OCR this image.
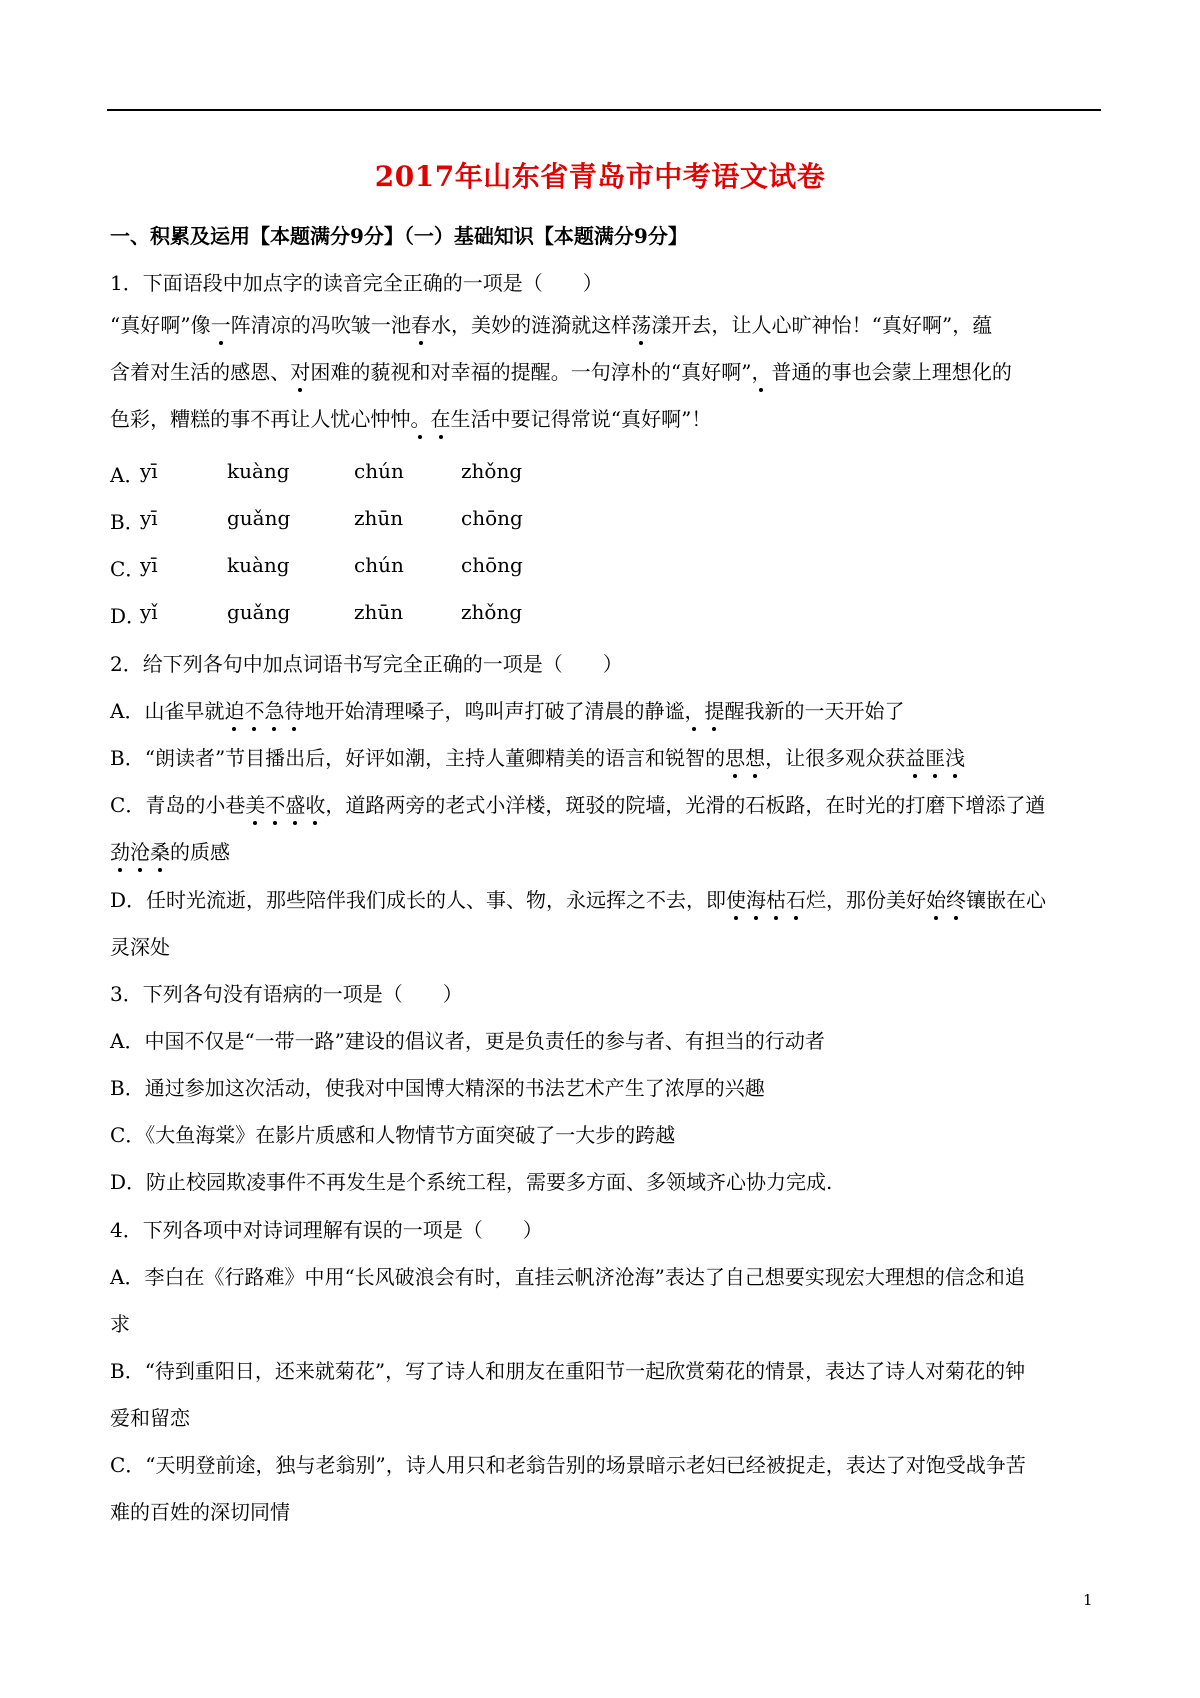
2017年山东省青岛市中考语文试卷
一、积累及运用【本题满分9分】（一）基础知识【本题满分9分】
1．下面语段中加点字的读音完全正确的一项是（　　）
“真好啊”像一阵清凉的冯吹皱一池春水，美妙的涟漪就这样荡漾开去，让人心旷神怡！“真好啊”，蕴
含着对生活的感恩、对困难的藐视和对幸福的提醒。一句淳朴的“真好啊”，普通的事也会蒙上理想化的
色彩，糟糕的事不再让人忧心忡忡。在生活中要记得常说“真好啊”！
A．
yī	kuàng	chún	zhǒng
B．
yī	guǎng	zhūn	chōng
C．
yī	kuàng	chún	chōng
D．
yǐ	guǎng	zhūn	zhǒng
2．给下列各句中加点词语书写完全正确的一项是（　　）
A．山雀早就迫不急待地开始清理嗓子，鸣叫声打破了清晨的静谧，提醒我新的一天开始了
B．“朗读者”节目播出后，好评如潮，主持人董卿精美的语言和锐智的思想，让很多观众获益匪浅
C．青岛的小巷美不盛收，道路两旁的老式小洋楼，斑驳的院墙，光滑的石板路，在时光的打磨下增添了遒
劲沧桑的质感
D．任时光流逝，那些陪伴我们成长的人、事、物，永远挥之不去，即使海枯石烂，那份美好始终镶嵌在心
灵深处
3．下列各句没有语病的一项是（　　）
A．中国不仅是“一带一路”建设的倡议者，更是负责任的参与者、有担当的行动者
B．通过参加这次活动，使我对中国博大精深的书法艺术产生了浓厚的兴趣
C．《大鱼海棠》在影片质感和人物情节方面突破了一大步的跨越
D．防止校园欺凌事件不再发生是个系统工程，需要多方面、多领域齐心协力完成.
4．下列各项中对诗词理解有误的一项是（　　）
A．李白在《行路难》中用“长风破浪会有时，直挂云帆济沧海”表达了自己想要实现宏大理想的信念和追
求
B．“待到重阳日，还来就菊花”，写了诗人和朋友在重阳节一起欣赏菊花的情景，表达了诗人对菊花的钟
爱和留恋
C．“天明登前途，独与老翁别”，诗人用只和老翁告别的场景暗示老妇已经被捉走，表达了对饱受战争苦
难的百姓的深切同情
1
